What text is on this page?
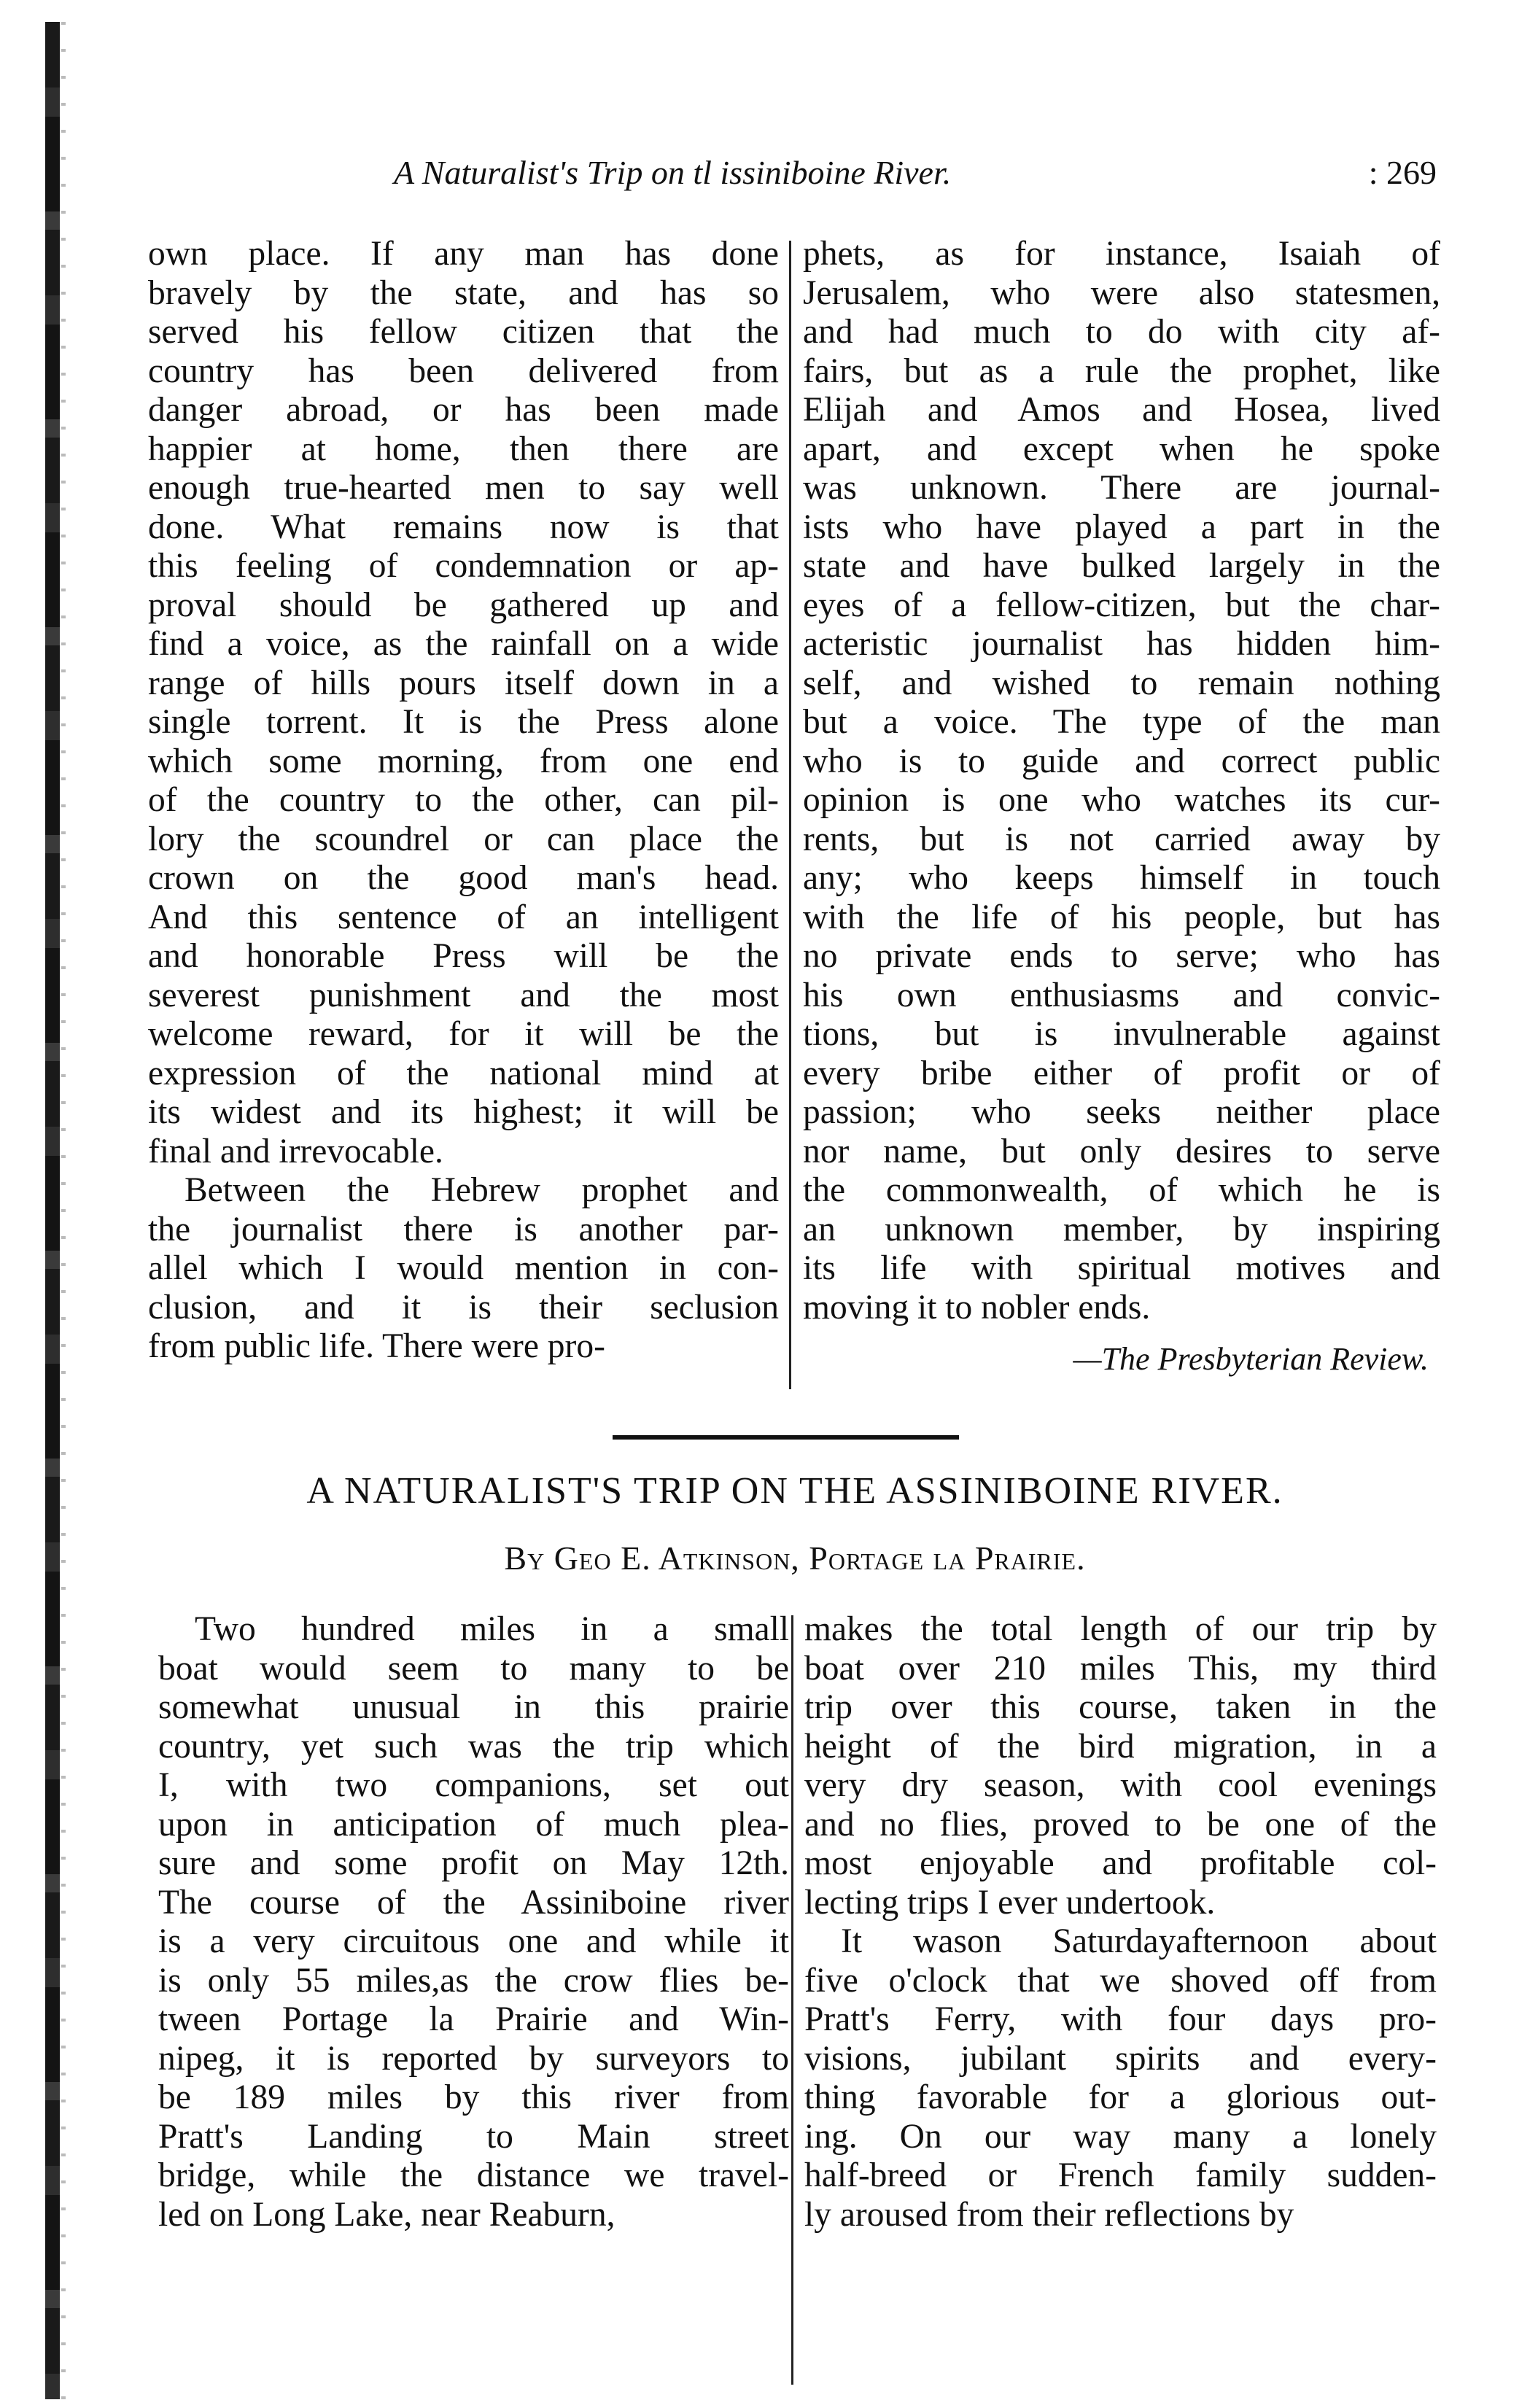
A Naturalist's Trip on tl issiniboine River.	: 269
own place. If any man has done
bravely by the state, and has so
served his fellow citizen that the
country has been delivered from
danger abroad, or has been made
happier at home, then there are
enough true-hearted men to say well
done. What remains now is that
this feeling of condemnation or ap-
proval should be gathered up and
find a voice, as the rainfall on a wide
range of hills pours itself down in a
single torrent. It is the Press alone
which some morning, from one end
of the country to the other, can pil-
lory the scoundrel or can place the
crown on the good man's head.
And this sentence of an intelligent
and honorable Press will be the
severest punishment and the most
welcome reward, for it will be the
expression of the national mind at
its widest and its highest; it will be
final and irrevocable.
Between the Hebrew prophet and
the journalist there is another par-
allel which I would mention in con-
clusion, and it is their seclusion
from public life. There were pro-
phets, as for instance, Isaiah of
Jerusalem, who were also statesmen,
and had much to do with city af-
fairs, but as a rule the prophet, like
Elijah and Amos and Hosea, lived
apart, and except when he spoke
was unknown. There are journal-
ists who have played a part in the
state and have bulked largely in the
eyes of a fellow-citizen, but the char-
acteristic journalist has hidden him-
self, and wished to remain nothing
but a voice. The type of the man
who is to guide and correct public
opinion is one who watches its cur-
rents, but is not carried away by
any; who keeps himself in touch
with the life of his people, but has
no private ends to serve; who has
his own enthusiasms and convic-
tions, but is invulnerable against
every bribe either of profit or of
passion; who seeks neither place
nor name, but only desires to serve
the commonwealth, of which he is
an unknown member, by inspiring
its life with spiritual motives and
moving it to nobler ends.
—The Presbyterian Review.
A NATURALIST'S TRIP ON THE ASSINIBOINE RIVER.
By Geo E. Atkinson, Portage la Prairie.
Two hundred miles in a small
boat would seem to many to be
somewhat unusual in this prairie
country, yet such was the trip which
I, with two companions, set out
upon in anticipation of much plea-
sure and some profit on May 12th.
The course of the Assiniboine river
is a very circuitous one and while it
is only 55 miles,as the crow flies be-
tween Portage la Prairie and Win-
nipeg, it is reported by surveyors to
be 189 miles by this river from
Pratt's Landing to Main street
bridge, while the distance we travel-
led on Long Lake, near Reaburn,
makes the total length of our trip by
boat over 210 miles This, my third
trip over this course, taken in the
height of the bird migration, in a
very dry season, with cool evenings
and no flies, proved to be one of the
most enjoyable and profitable col-
lecting trips I ever undertook.
It wason Saturdayafternoon about
five o'clock that we shoved off from
Pratt's Ferry, with four days pro-
visions, jubilant spirits and every-
thing favorable for a glorious out-
ing. On our way many a lonely
half-breed or French family sudden-
ly aroused from their reflections by
